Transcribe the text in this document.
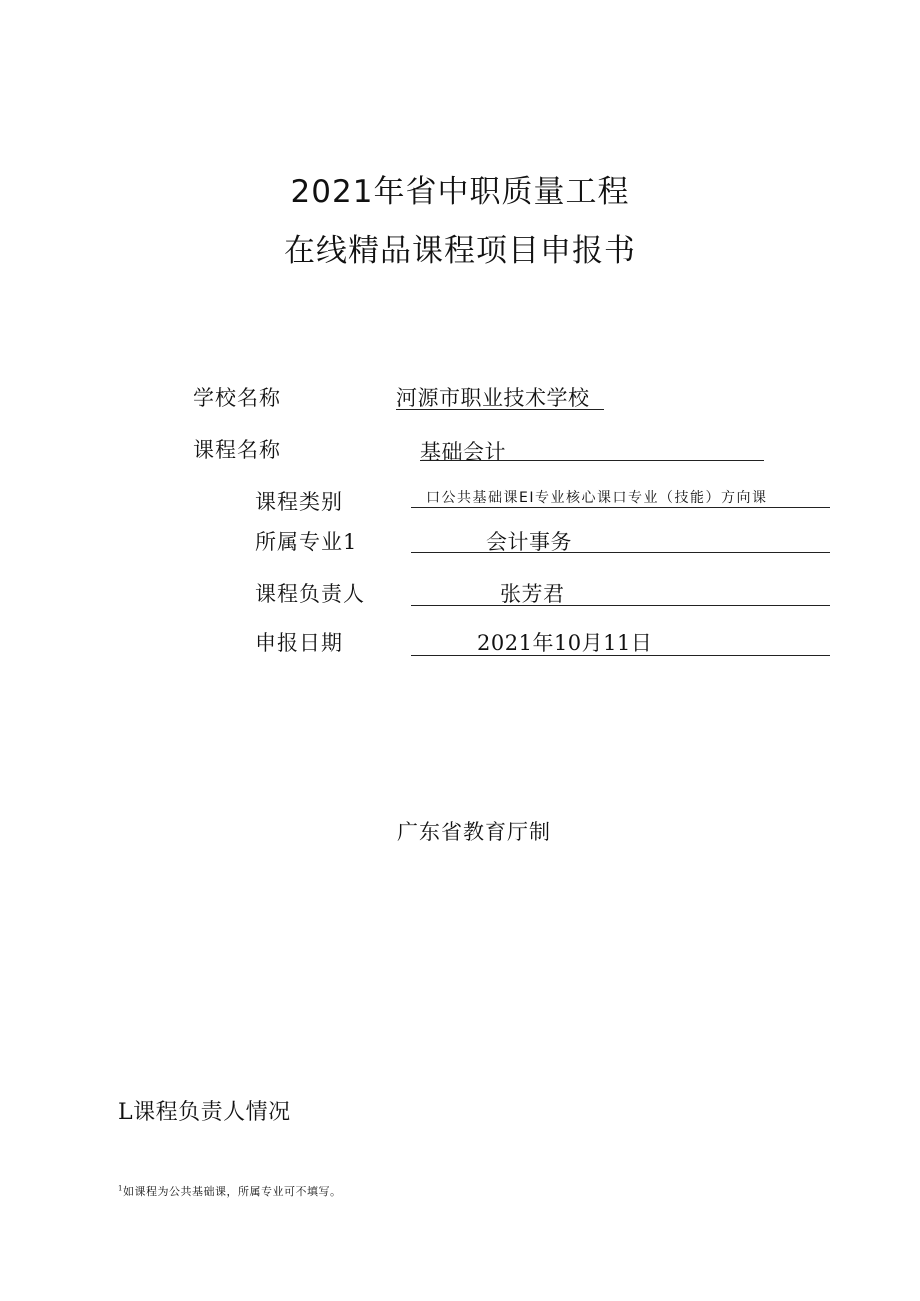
2021年省中职质量工程
在线精品课程项目申报书
学校名称	河源市职业技术学校
课程名称	基础会计
课程类别	口公共基础课EI专业核心课口专业（技能）方向课
所属专业1	会计事务
课程负责人	张芳君
申报日期	2021年10月11日
广东省教育厅制
L课程负责人情况
$^1$如课程为公共基础课，所属专业可不填写。
